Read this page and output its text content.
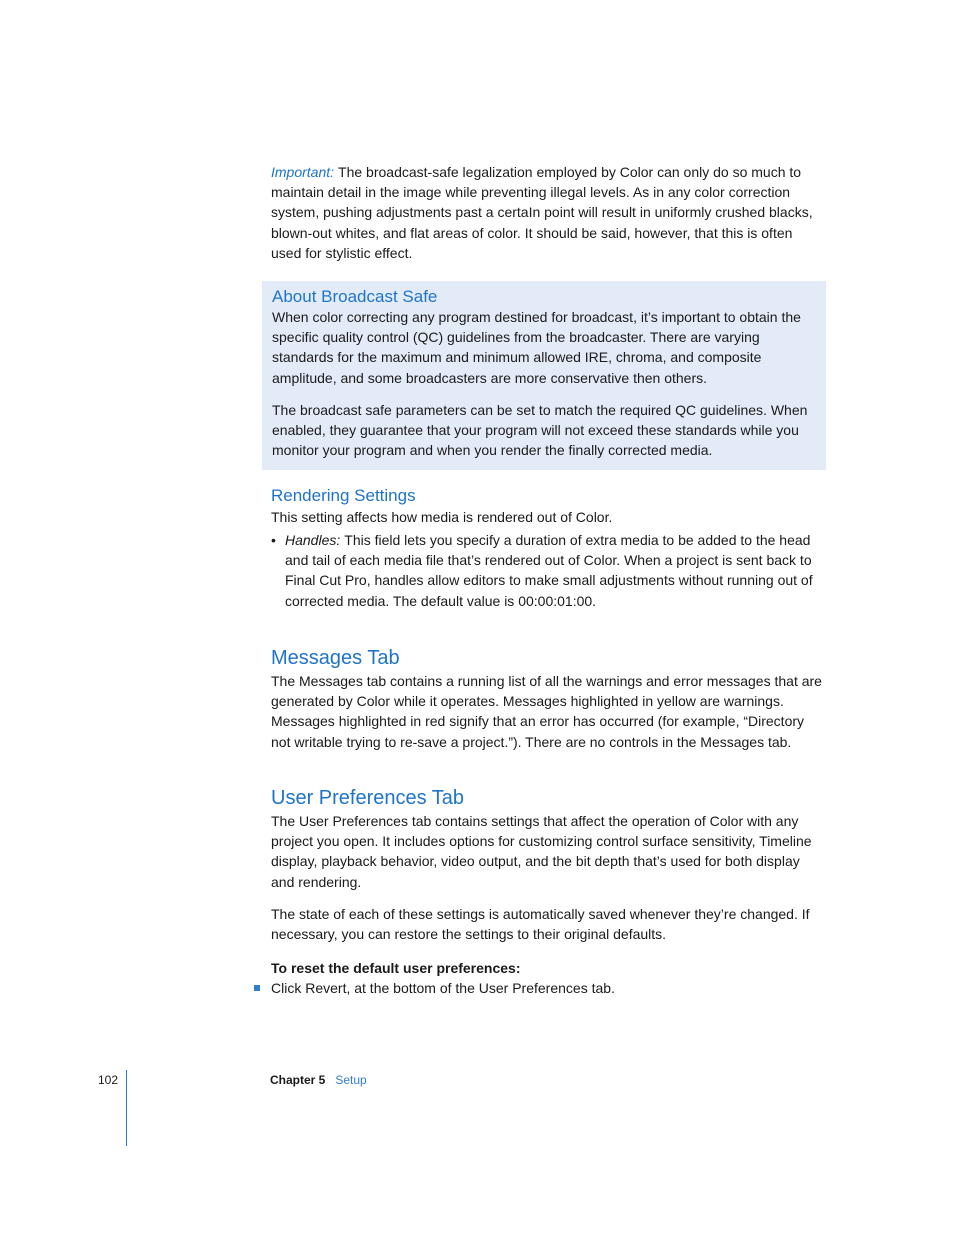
Important: The broadcast-safe legalization employed by Color can only do so much to maintain detail in the image while preventing illegal levels. As in any color correction system, pushing adjustments past a certaIn point will result in uniformly crushed blacks, blown-out whites, and flat areas of color. It should be said, however, that this is often used for stylistic effect.

About Broadcast Safe

When color correcting any program destined for broadcast, it’s important to obtain the specific quality control (QC) guidelines from the broadcaster. There are varying standards for the maximum and minimum allowed IRE, chroma, and composite amplitude, and some broadcasters are more conservative then others.

The broadcast safe parameters can be set to match the required QC guidelines. When enabled, they guarantee that your program will not exceed these standards while you monitor your program and when you render the finally corrected media.

Rendering Settings

This setting affects how media is rendered out of Color.

• Handles: This field lets you specify a duration of extra media to be added to the head and tail of each media file that’s rendered out of Color. When a project is sent back to Final Cut Pro, handles allow editors to make small adjustments without running out of corrected media. The default value is 00:00:01:00.

Messages Tab

The Messages tab contains a running list of all the warnings and error messages that are generated by Color while it operates. Messages highlighted in yellow are warnings. Messages highlighted in red signify that an error has occurred (for example, “Directory not writable trying to re-save a project.”). There are no controls in the Messages tab.

User Preferences Tab

The User Preferences tab contains settings that affect the operation of Color with any project you open. It includes options for customizing control surface sensitivity, Timeline display, playback behavior, video output, and the bit depth that’s used for both display and rendering.

The state of each of these settings is automatically saved whenever they’re changed. If necessary, you can restore the settings to their original defaults.

To reset the default user preferences:

Click Revert, at the bottom of the User Preferences tab.

102	Chapter 5 Setup
